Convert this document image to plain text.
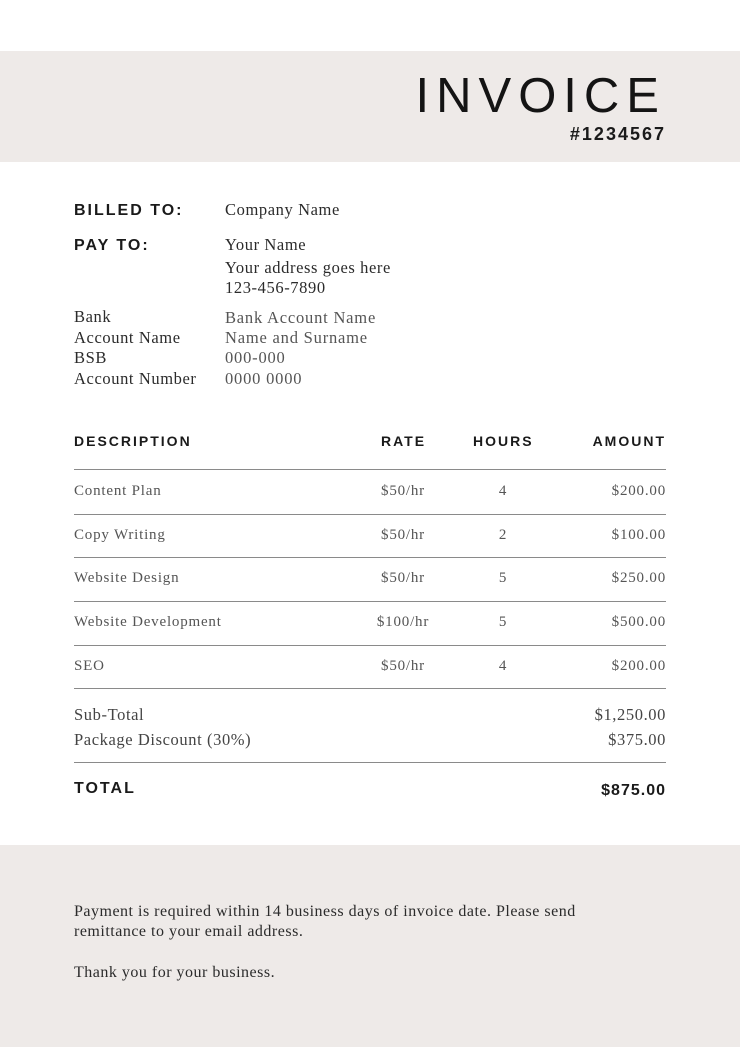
INVOICE
#1234567
BILLED TO:	Company Name
PAY TO:	Your Name
Your address goes here
123-456-7890
Bank	Bank Account Name
Account Name	Name and Surname
BSB	000-000
Account Number 0000 0000
DESCRIPTION	RATE	HOURS	AMOUNT
Content Plan	$50/hr	4	$200.00
Copy Writing	$50/hr	2	$100.00
Website Design	$50/hr	5	$250.00
Website Development	$100/hr	5	$500.00
SEO	$50/hr	4	$200.00
Sub-Total	$1,250.00
Package Discount (30%)	$375.00
TOTAL	$875.00
Payment is required within 14 business days of invoice date. Please send
remittance to your email address.
Thank you for your business.
